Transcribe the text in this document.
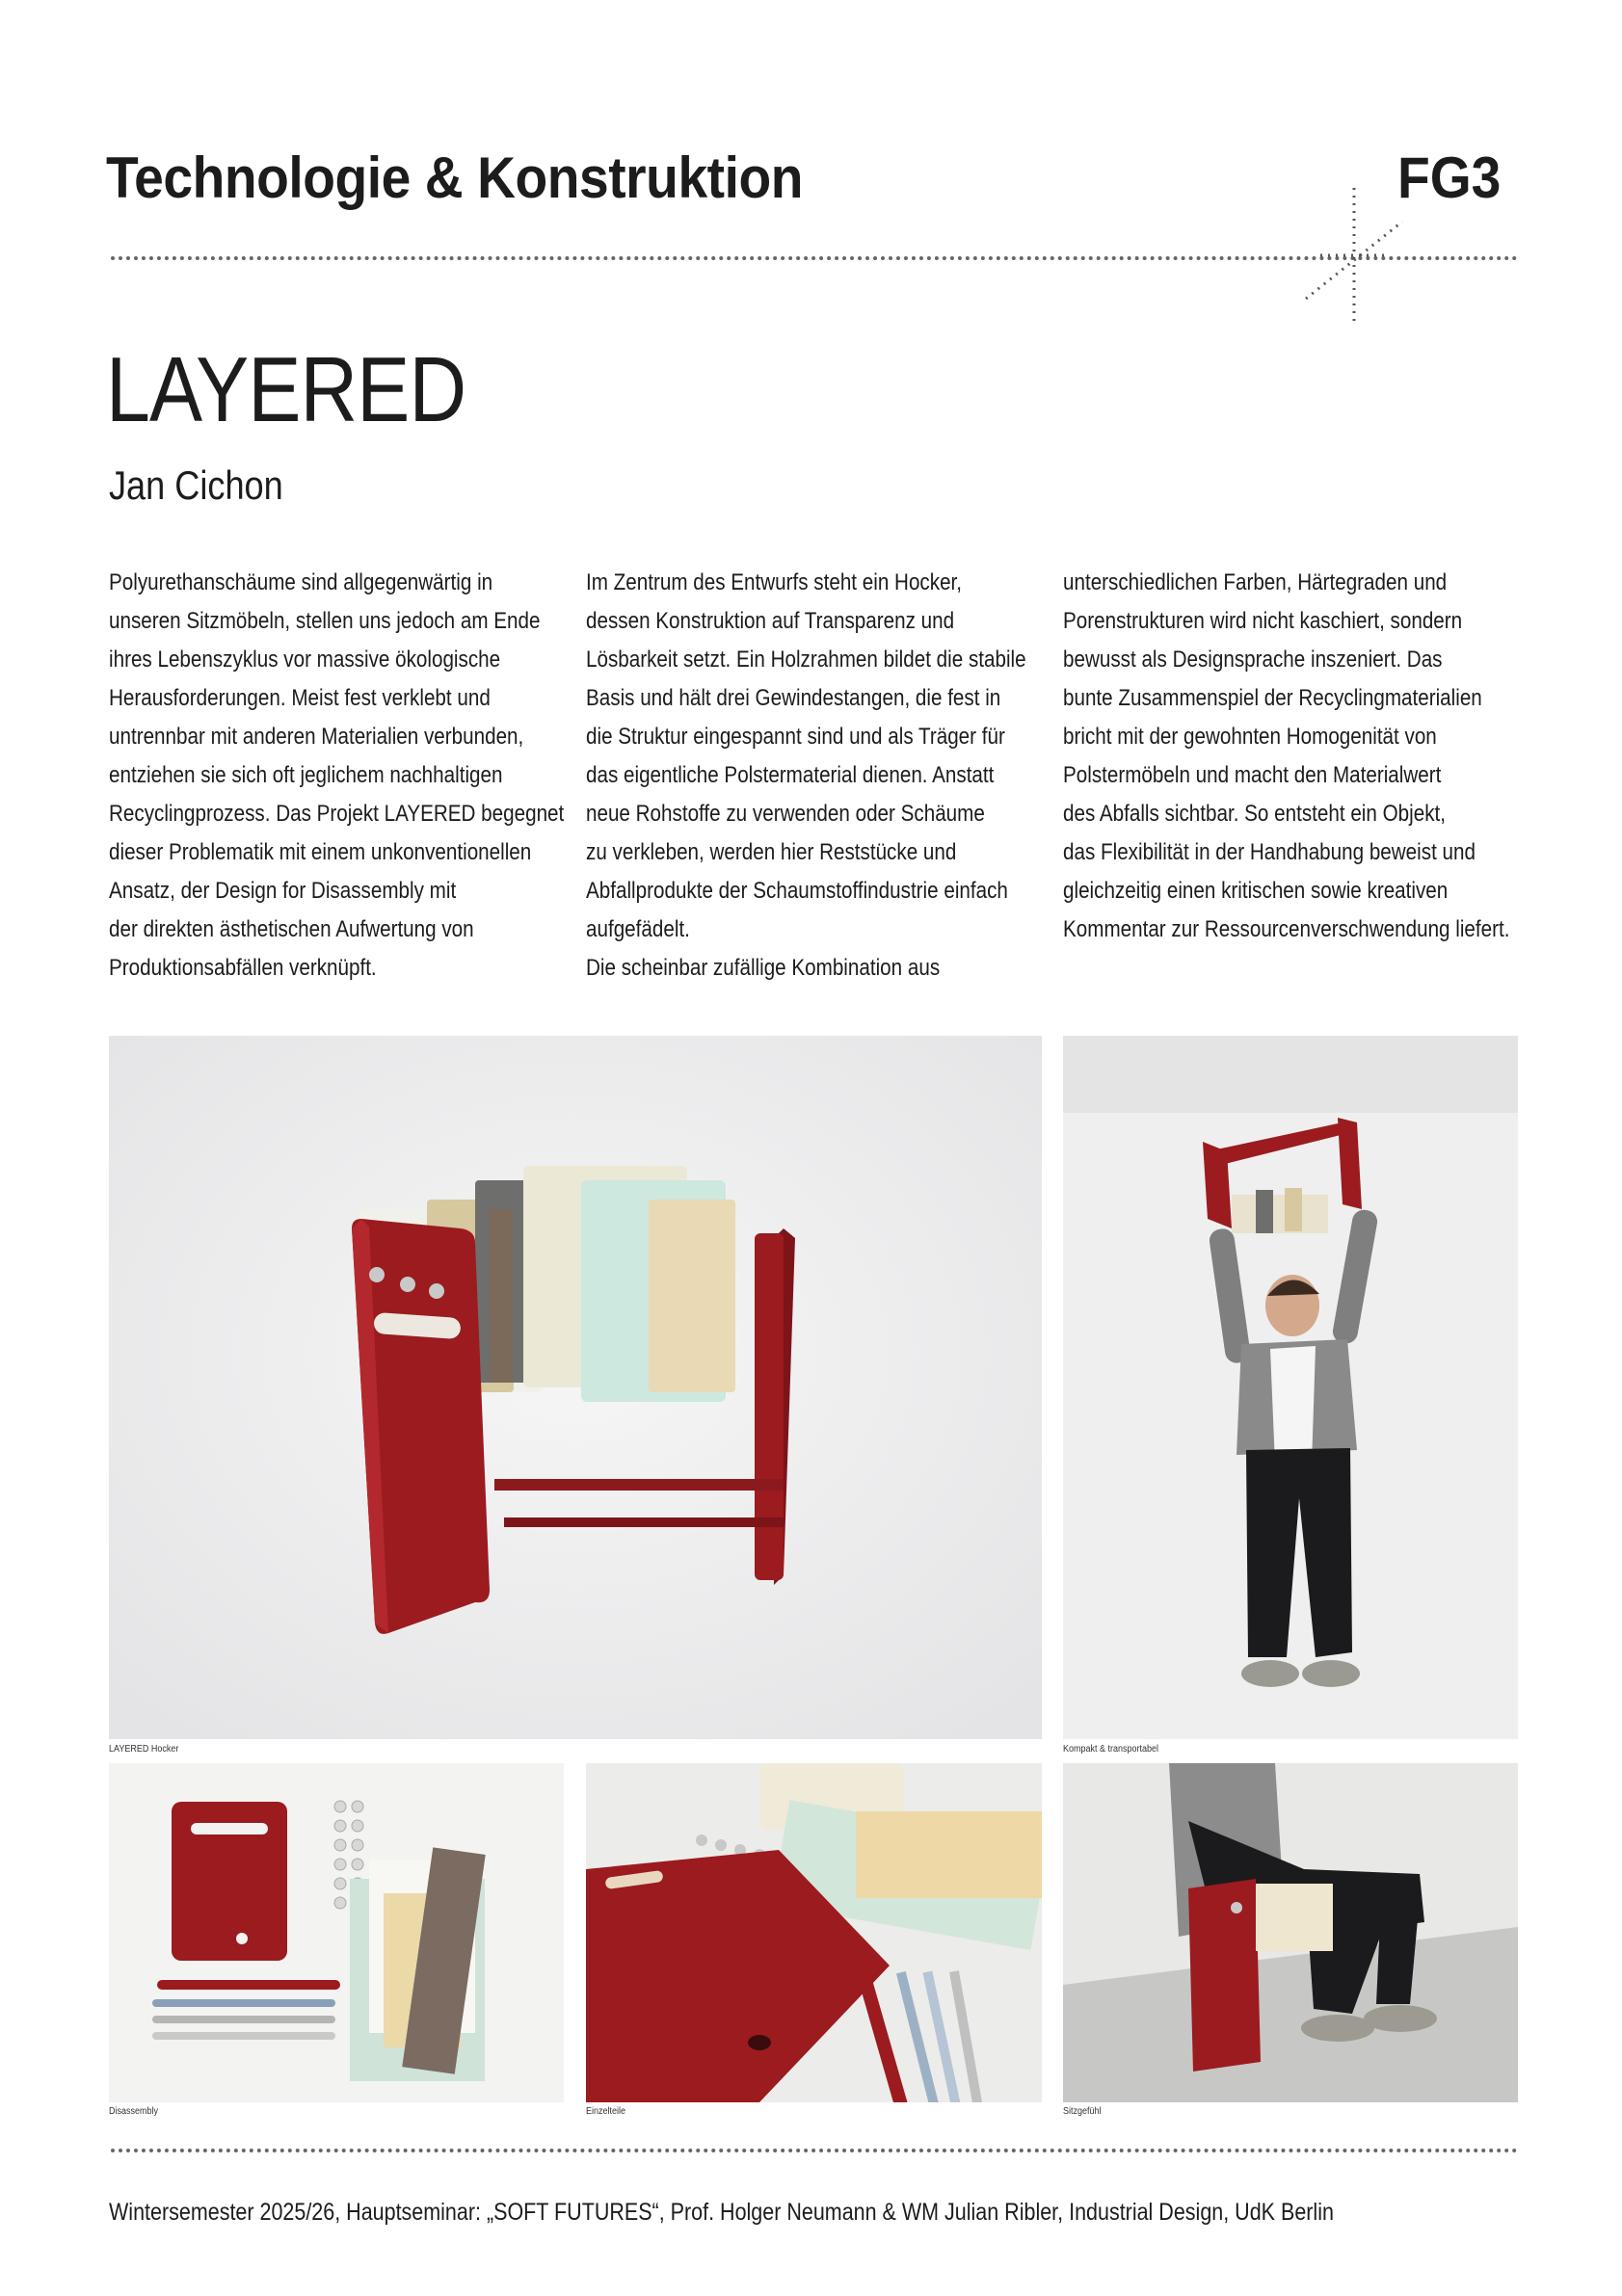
Technologie & Konstruktion	FG3
LAYERED
Jan Cichon

Polyurethanschäume sind allgegenwärtig in

unseren Sitzmöbeln, stellen uns jedoch am Ende

ihres Lebenszyklus vor massive ökologische

Herausforderungen. Meist fest verklebt und

untrennbar mit anderen Materialien verbunden,

entziehen sie sich oft jeglichem nachhaltigen

Recyclingprozess. Das Projekt LAYERED begegnet

dieser Problematik mit einem unkonventionellen

Ansatz, der Design for Disassembly mit

der direkten ästhetischen Aufwertung von

Produktionsabfällen verknüpft.

Im Zentrum des Entwurfs steht ein Hocker,

dessen Konstruktion auf Transparenz und

Lösbarkeit setzt. Ein Holzrahmen bildet die stabile

Basis und hält drei Gewindestangen, die fest in

die Struktur eingespannt sind und als Träger für

das eigentliche Polstermaterial dienen. Anstatt

neue Rohstoffe zu verwenden oder Schäume

zu verkleben, werden hier Reststücke und

Abfallprodukte der Schaumstoffindustrie einfach

aufgefädelt.

Die scheinbar zufällige Kombination aus

unterschiedlichen Farben, Härtegraden und

Porenstrukturen wird nicht kaschiert, sondern

bewusst als Designsprache inszeniert. Das

bunte Zusammenspiel der Recyclingmaterialien

bricht mit der gewohnten Homogenität von

Polstermöbeln und macht den Materialwert

des Abfalls sichtbar. So entsteht ein Objekt,

das Flexibilität in der Handhabung beweist und

gleichzeitig einen kritischen sowie kreativen

Kommentar zur Ressourcenverschwendung liefert.

LAYERED Hocker	Kompakt & transportabel
Disassembly	Einzelteile	Sitzgefühl
Wintersemester 2025/26, Hauptseminar: „SOFT FUTURES“, Prof. Holger Neumann & WM Julian Ribler, Industrial Design, UdK Berlin
